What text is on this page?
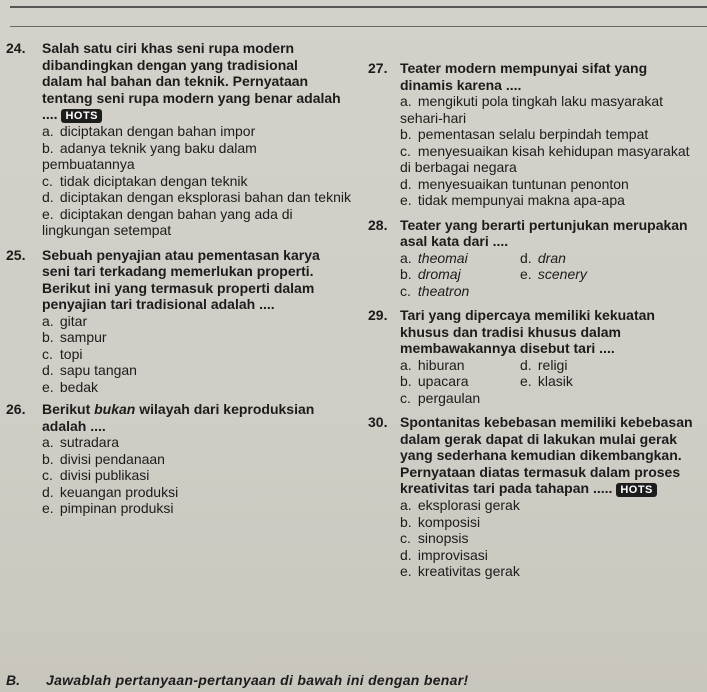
24. Salah satu ciri khas seni rupa modern dibandingkan dengan yang tradisional dalam hal bahan dan teknik. Pernyataan tentang seni rupa modern yang benar adalah .... HOTS
a. diciptakan dengan bahan impor
b. adanya teknik yang baku dalam pembuatannya
c. tidak diciptakan dengan teknik
d. diciptakan dengan eksplorasi bahan dan teknik
e. diciptakan dengan bahan yang ada di lingkungan setempat
25. Sebuah penyajian atau pementasan karya seni tari terkadang memerlukan properti. Berikut ini yang termasuk properti dalam penyajian tari tradisional adalah ....
a. gitar
b. sampur
c. topi
d. sapu tangan
e. bedak
26. Berikut bukan wilayah dari keproduksian adalah ....
a. sutradara
b. divisi pendanaan
c. divisi publikasi
d. keuangan produksi
e. pimpinan produksi
27. Teater modern mempunyai sifat yang dinamis karena ....
a. mengikuti pola tingkah laku masyarakat sehari-hari
b. pementasan selalu berpindah tempat
c. menyesuaikan kisah kehidupan masyarakat di berbagai negara
d. menyesuaikan tuntunan penonton
e. tidak mempunyai makna apa-apa
28. Teater yang berarti pertunjukan merupakan asal kata dari ....
a. theomai	d. dran
b. dromaj	e. scenery
c. theatron
29. Tari yang dipercaya memiliki kekuatan khusus dan tradisi khusus dalam membawakannya disebut tari ....
a. hiburan	d. religi
b. upacara	e. klasik
c. pergaulan
30. Spontanitas kebebasan memiliki kebebasan dalam gerak dapat di lakukan mulai gerak yang sederhana kemudian dikembangkan. Pernyataan diatas termasuk dalam proses kreativitas tari pada tahapan ..... HOTS
a. eksplorasi gerak
b. komposisi
c. sinopsis
d. improvisasi
e. kreativitas gerak
B. Jawablah pertanyaan-pertanyaan di bawah ini dengan benar!
